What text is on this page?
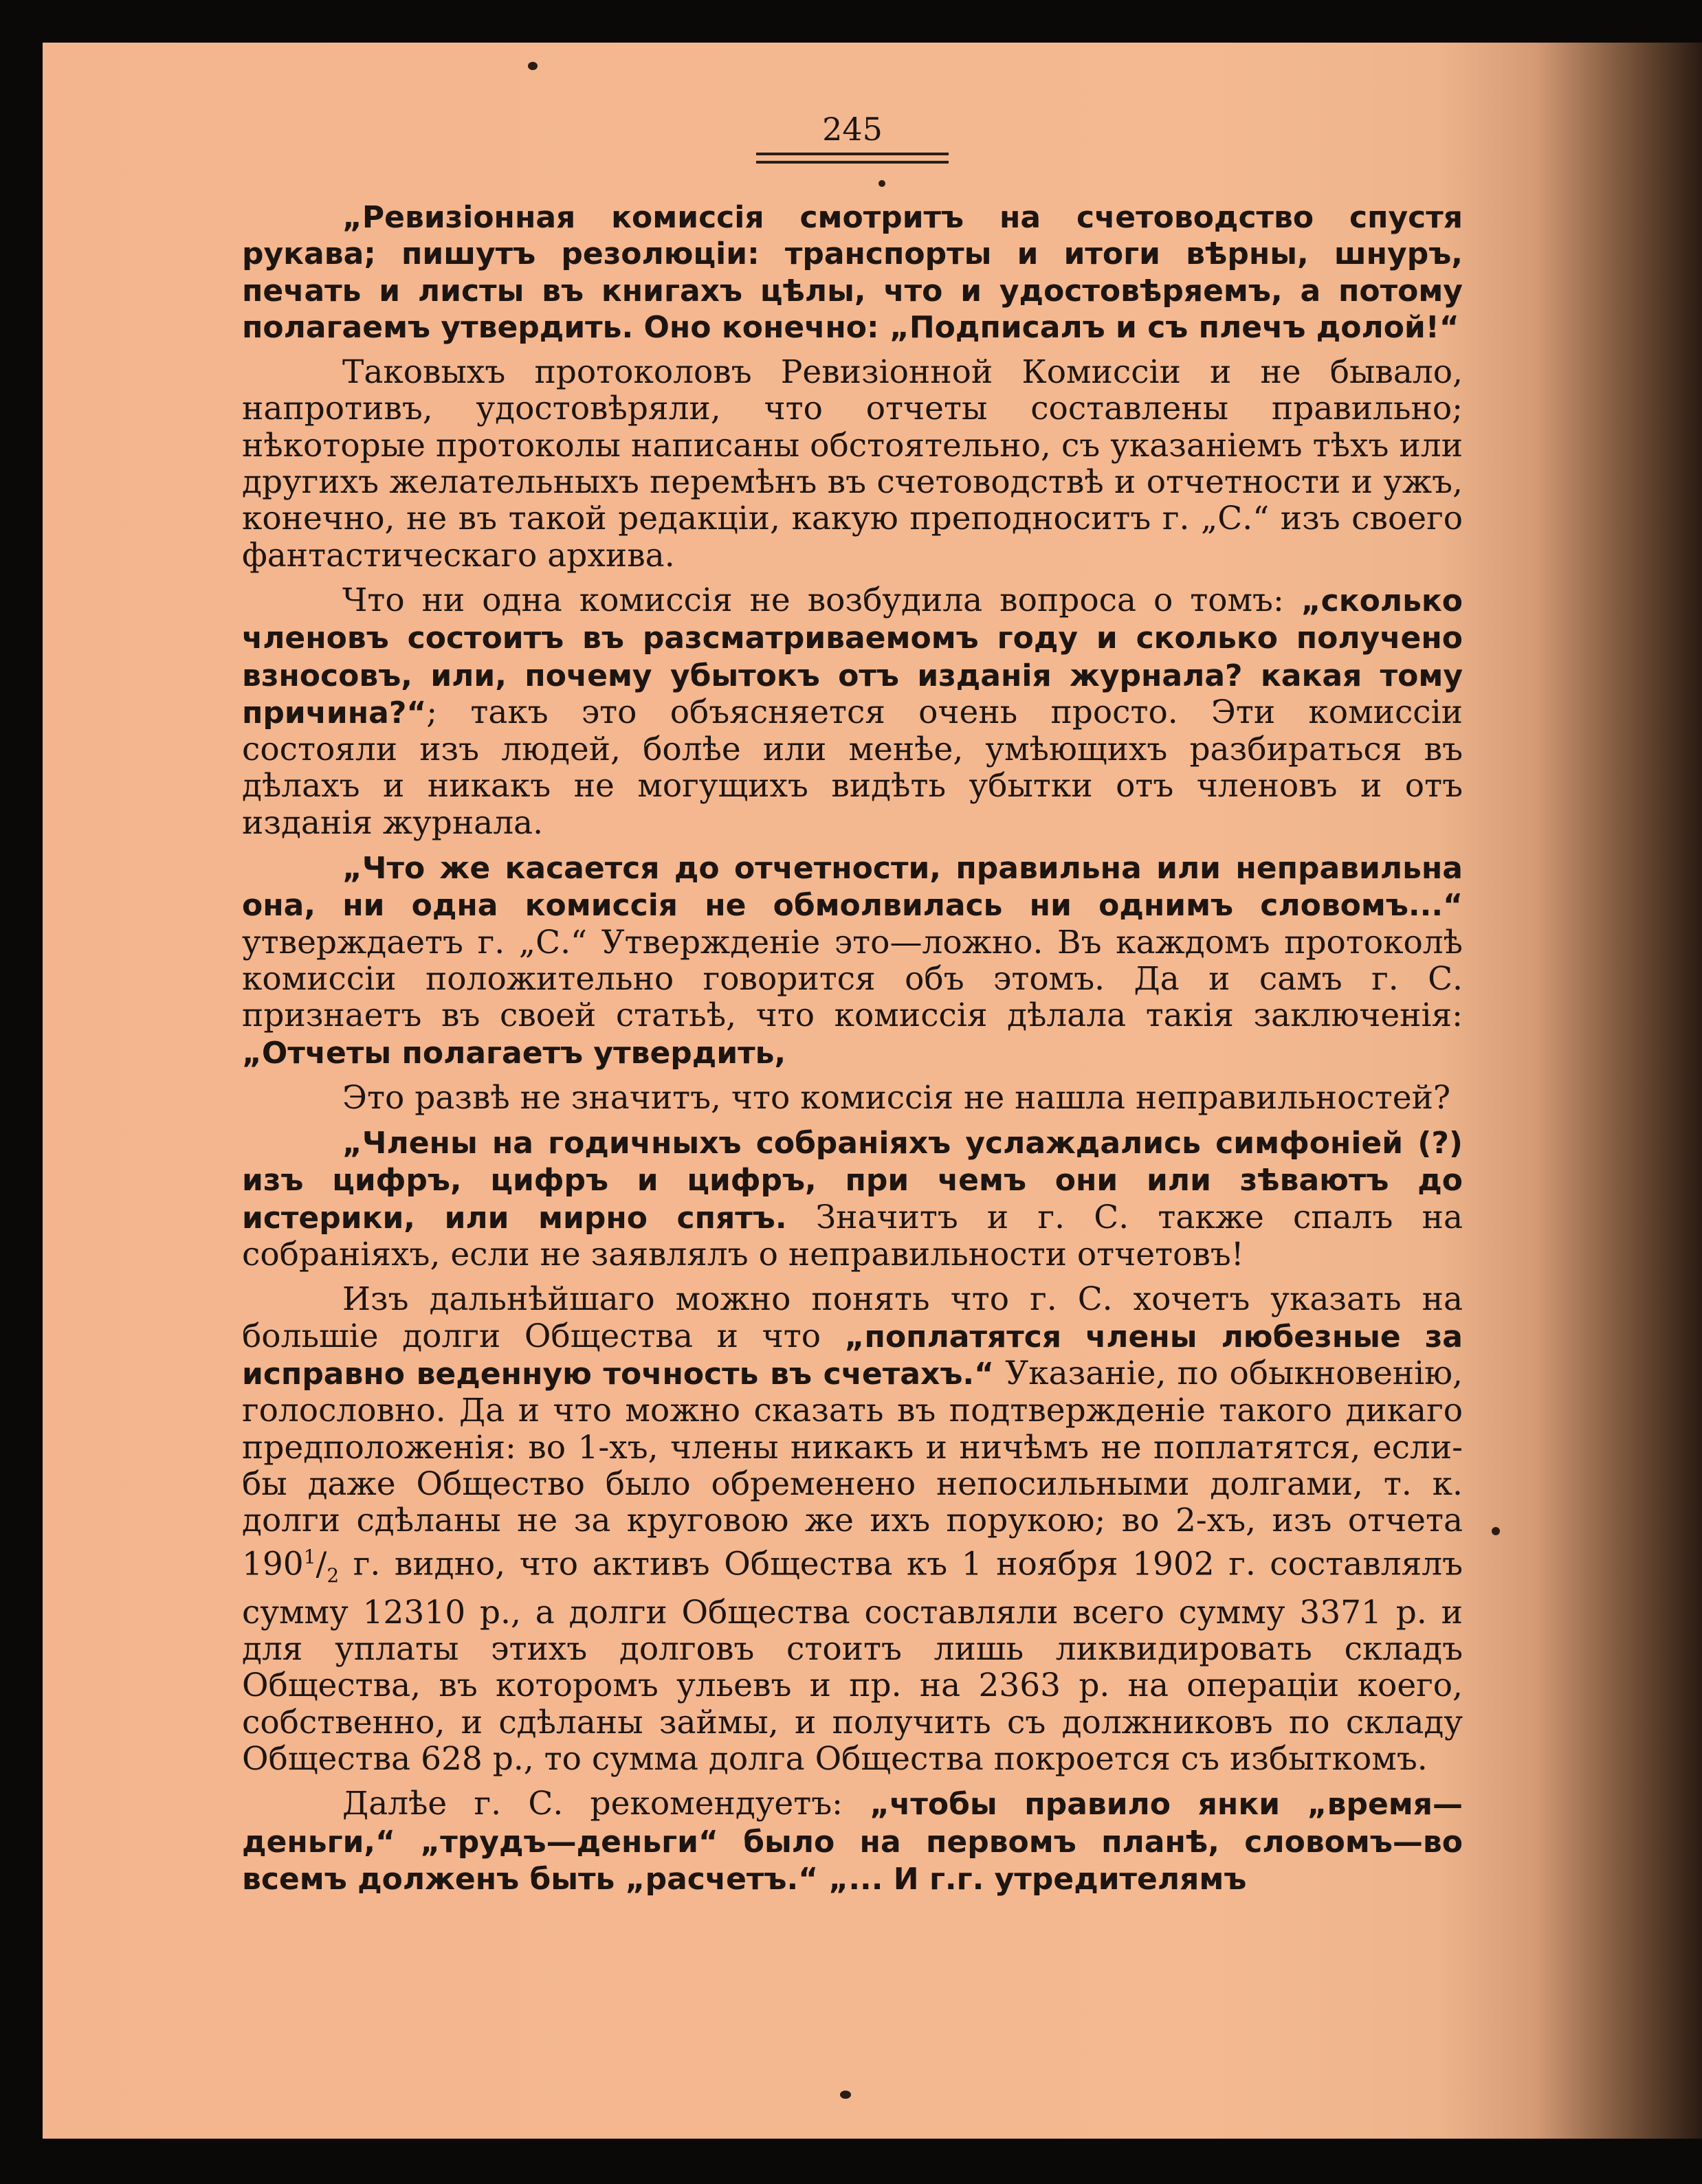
245

„Ревизіонная комиссія смотритъ на счетоводство спустя рукава; пишутъ резолюціи: транспорты и итоги вѣрны, шнуръ, печать и листы въ книгахъ цѣлы, что и удостовѣряемъ, а потому полагаемъ утвердить. Оно конечно: „Подписалъ и съ плечъ долой!“

Таковыхъ протоколовъ Ревизіонной Комиссіи и не бывало, напротивъ, удостовѣряли, что отчеты составлены правильно; нѣкоторые протоколы написаны обстоятельно, съ указаніемъ тѣхъ или другихъ желательныхъ перемѣнъ въ счетоводствѣ и отчетности и ужъ, конечно, не въ такой редакціи, какую преподноситъ г. „С.“ изъ своего фантастическаго архива.

Что ни одна комиссія не возбудила вопроса о томъ: „сколько членовъ состоитъ въ разсматриваемомъ году и сколько получено взносовъ, или, почему убытокъ отъ изданія журнала? какая тому причина?“; такъ это объясняется очень просто. Эти комиссіи состояли изъ людей, болѣе или менѣе, умѣющихъ разбираться въ дѣлахъ и никакъ не могущихъ видѣть убытки отъ членовъ и отъ изданія журнала.

„Что же касается до отчетности, правильна или неправильна она, ни одна комиссія не обмолвилась ни однимъ словомъ...“ утверждаетъ г. „С.“ Утвержденіе это—ложно. Въ каждомъ протоколѣ комиссіи положительно говорится объ этомъ. Да и самъ г. С. признаетъ въ своей статьѣ, что комиссія дѣлала такія заключенія: „Отчеты полагаетъ утвердить,

Это развѣ не значитъ, что комиссія не нашла неправильностей?

„Члены на годичныхъ собраніяхъ услаждались симфоніей (?) изъ цифръ, цифръ и цифръ, при чемъ они или зѣваютъ до истерики, или мирно спятъ. Значитъ и г. С. также спалъ на собраніяхъ, если не заявлялъ о неправильности отчетовъ!

Изъ дальнѣйшаго можно понять что г. С. хочетъ указать на большіе долги Общества и что „поплатятся члены любезные за исправно веденную точность въ счетахъ.“ Указаніе, по обыкновенію, голословно. Да и что можно сказать въ подтвержденіе такого дикаго предположенія: во 1-хъ, члены никакъ и ничѣмъ не поплатятся, если-бы даже Общество было обременено непосильными долгами, т. к. долги сдѣланы не за круговою же ихъ порукою; во 2-хъ, изъ отчета $190^1/_2$ г. видно, что активъ Общества къ 1 ноября 1902 г. составлялъ сумму 12310 р., а долги Общества составляли всего сумму 3371 р. и для уплаты этихъ долговъ стоитъ лишь ликвидировать складъ Общества, въ которомъ ульевъ и пр. на 2363 р. на операціи коего, собственно, и сдѣланы займы, и получить съ должниковъ по складу Общества 628 р., то сумма долга Общества покроется съ избыткомъ.

Далѣе г. С. рекомендуетъ: „чтобы правило янки „время—деньги,“ „трудъ—деньги“ было на первомъ планѣ, словомъ—во всемъ долженъ быть „расчетъ.“ „... И г.г. утредителямъ
